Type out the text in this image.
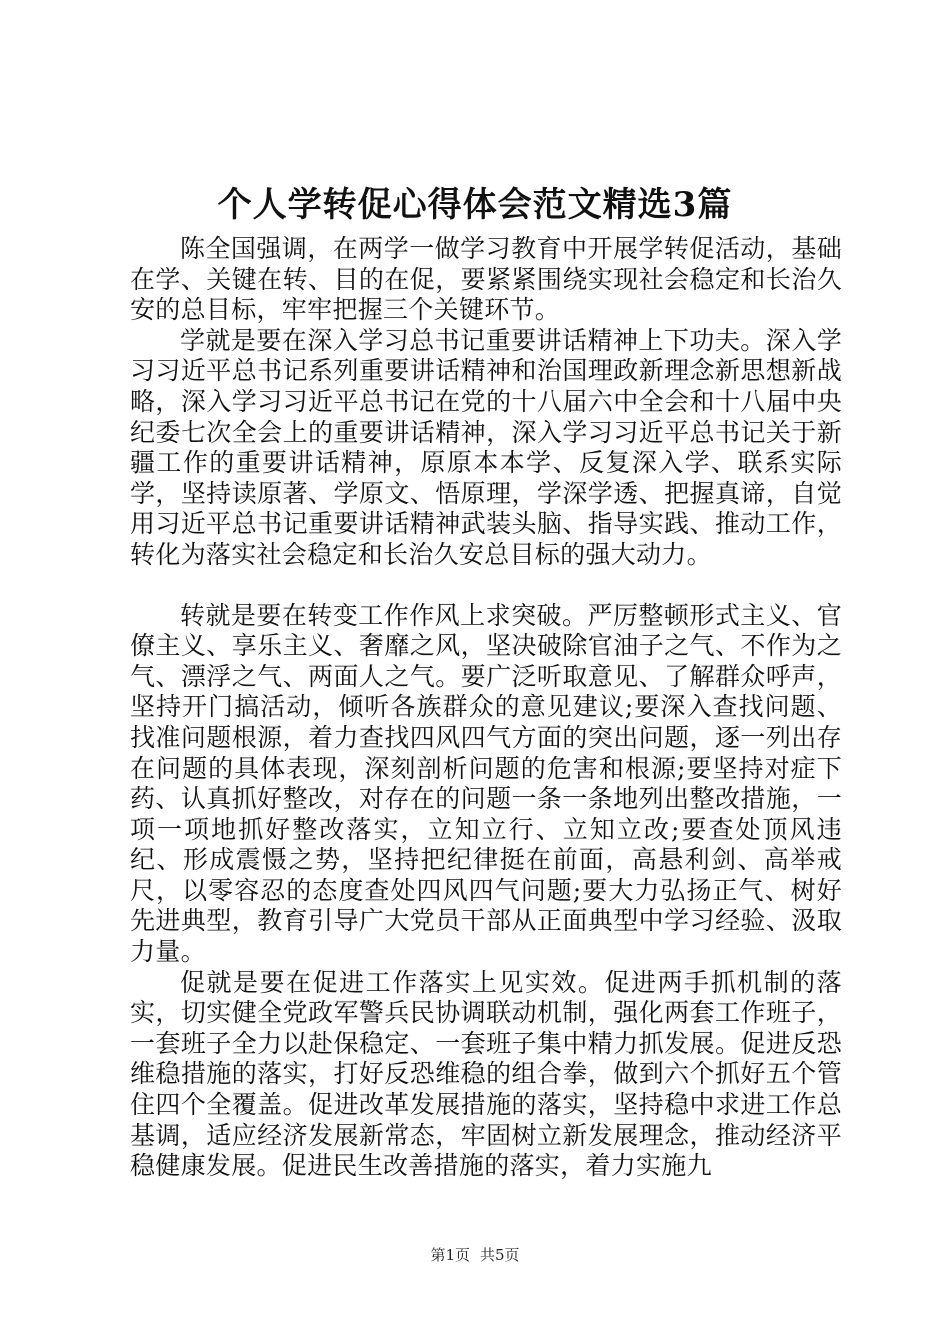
个人学转促心得体会范文精选3篇

陈全国强调，在两学一做学习教育中开展学转促活动，基础在学、关键在转、目的在促，要紧紧围绕实现社会稳定和长治久安的总目标，牢牢把握三个关键环节。

学就是要在深入学习总书记重要讲话精神上下功夫。深入学习习近平总书记系列重要讲话精神和治国理政新理念新思想新战略，深入学习习近平总书记在党的十八届六中全会和十八届中央纪委七次全会上的重要讲话精神，深入学习习近平总书记关于新疆工作的重要讲话精神，原原本本学、反复深入学、联系实际学，坚持读原著、学原文、悟原理，学深学透、把握真谛，自觉用习近平总书记重要讲话精神武装头脑、指导实践、推动工作，转化为落实社会稳定和长治久安总目标的强大动力。

转就是要在转变工作作风上求突破。严厉整顿形式主义、官僚主义、享乐主义、奢靡之风，坚决破除官油子之气、不作为之气、漂浮之气、两面人之气。要广泛听取意见、了解群众呼声，坚持开门搞活动，倾听各族群众的意见建议;要深入查找问题、找准问题根源，着力查找四风四气方面的突出问题，逐一列出存在问题的具体表现，深刻剖析问题的危害和根源;要坚持对症下药、认真抓好整改，对存在的问题一条一条地列出整改措施，一项一项地抓好整改落实，立知立行、立知立改;要查处顶风违纪、形成震慑之势，坚持把纪律挺在前面，高悬利剑、高举戒尺，以零容忍的态度查处四风四气问题;要大力弘扬正气、树好先进典型，教育引导广大党员干部从正面典型中学习经验、汲取力量。

促就是要在促进工作落实上见实效。促进两手抓机制的落实，切实健全党政军警兵民协调联动机制，强化两套工作班子，一套班子全力以赴保稳定、一套班子集中精力抓发展。促进反恐维稳措施的落实，打好反恐维稳的组合拳，做到六个抓好五个管住四个全覆盖。促进改革发展措施的落实，坚持稳中求进工作总基调，适应经济发展新常态，牢固树立新发展理念，推动经济平稳健康发展。促进民生改善措施的落实，着力实施九

第1页 共5页
